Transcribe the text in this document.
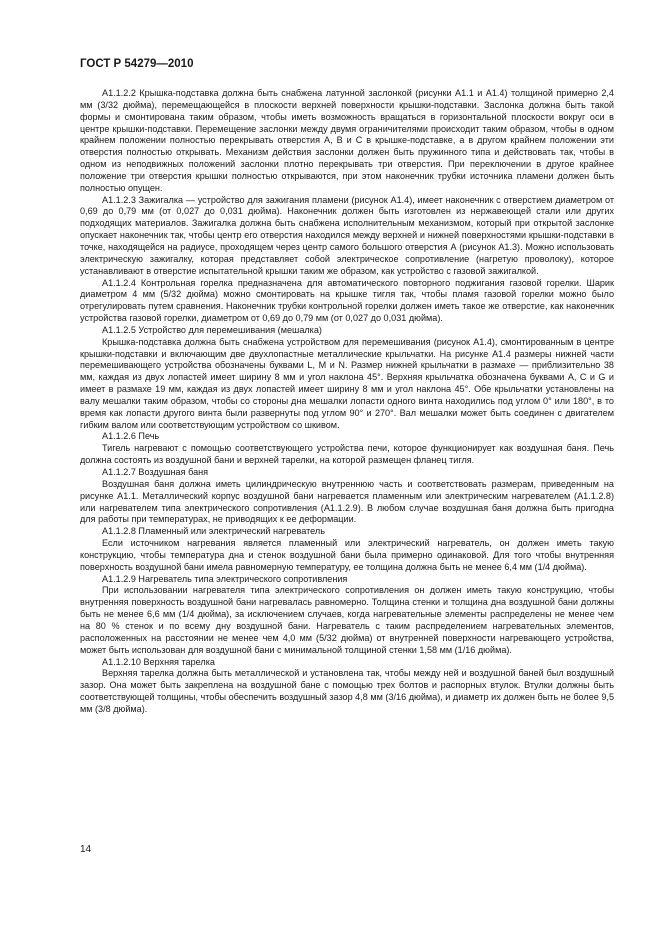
ГОСТ Р 54279—2010

A1.1.2.2 Крышка-подставка должна быть снабжена латунной заслонкой (рисунки А1.1 и А1.4) толщиной примерно 2,4 мм (3/32 дюйма), перемещающейся в плоскости верхней поверхности крышки-подставки. Заслонка должна быть такой формы и смонтирована таким образом, чтобы иметь возможность вращаться в горизонтальной плоскости вокруг оси в центре крышки-подставки. Перемещение заслонки между двумя ограничителями происходит таким образом, чтобы в одном крайнем положении полностью перекрывать отверстия А, В и С в крышке-подставке, а в другом крайнем положении эти отверстия полностью открывать. Механизм действия заслонки должен быть пружинного типа и действовать так, чтобы в одном из неподвижных положений заслонки плотно перекрывать три отверстия. При переключении в другое крайнее положение три отверстия крышки полностью открываются, при этом наконечник трубки источника пламени должен быть полностью опущен.

A1.1.2.3 Зажигалка — устройство для зажигания пламени (рисунок А1.4), имеет наконечник с отверстием диаметром от 0,69 до 0,79 мм (от 0,027 до 0,031 дюйма). Наконечник должен быть изготовлен из нержавеющей стали или других подходящих материалов. Зажигалка должна быть снабжена исполнительным механизмом, который при открытой заслонке опускает наконечник так, чтобы центр его отверстия находился между верхней и нижней поверхностями крышки-подставки в точке, находящейся на радиусе, проходящем через центр самого большого отверстия А (рисунок А1.3). Можно использовать электрическую зажигалку, которая представляет собой электрическое сопротивление (нагретую проволоку), которое устанавливают в отверстие испытательной крышки таким же образом, как устройство с газовой зажигалкой.

A1.1.2.4 Контрольная горелка предназначена для автоматического повторного поджигания газовой горелки. Шарик диаметром 4 мм (5/32 дюйма) можно смонтировать на крышке тигля так, чтобы пламя газовой горелки можно было отрегулировать путем сравнения. Наконечник трубки контрольной горелки должен иметь такое же отверстие, как наконечник устройства газовой горелки, диаметром от 0,69 до 0,79 мм (от 0,027 до 0,031 дюйма).

A1.1.2.5 Устройство для перемешивания (мешалка)

Крышка-подставка должна быть снабжена устройством для перемешивания (рисунок А1.4), смонтированным в центре крышки-подставки и включающим две двухлопастные металлические крыльчатки. На рисунке А1.4 размеры нижней части перемешивающего устройства обозначены буквами L, M и N. Размер нижней крыльчатки в размахе — приблизительно 38 мм, каждая из двух лопастей имеет ширину 8 мм и угол наклона 45°. Верхняя крыльчатка обозначена буквами А, С и G и имеет в размахе 19 мм, каждая из двух лопастей имеет ширину 8 мм и угол наклона 45°. Обе крыльчатки установлены на валу мешалки таким образом, чтобы со стороны дна мешалки лопасти одного винта находились под углом 0° или 180°, в то время как лопасти другого винта были развернуты под углом 90° и 270°. Вал мешалки может быть соединен с двигателем гибким валом или соответствующим устройством со шкивом.

A1.1.2.6 Печь

Тигель нагревают с помощью соответствующего устройства печи, которое функционирует как воздушная баня. Печь должна состоять из воздушной бани и верхней тарелки, на которой размещен фланец тигля.

A1.1.2.7 Воздушная баня

Воздушная баня должна иметь цилиндрическую внутреннюю часть и соответствовать размерам, приведенным на рисунке А1.1. Металлический корпус воздушной бани нагревается пламенным или электрическим нагревателем (А1.1.2.8) или нагревателем типа электрического сопротивления (А1.1.2.9). В любом случае воздушная баня должна быть пригодна для работы при температурах, не приводящих к ее деформации.

A1.1.2.8 Пламенный или электрический нагреватель

Если источником нагревания является пламенный или электрический нагреватель, он должен иметь такую конструкцию, чтобы температура дна и стенок воздушной бани была примерно одинаковой. Для того чтобы внутренняя поверхность воздушной бани имела равномерную температуру, ее толщина должна быть не менее 6,4 мм (1/4 дюйма).

A1.1.2.9 Нагреватель типа электрического сопротивления

При использовании нагревателя типа электрического сопротивления он должен иметь такую конструкцию, чтобы внутренняя поверхность воздушной бани нагревалась равномерно. Толщина стенки и толщина дна воздушной бани должны быть не менее 6,6 мм (1/4 дюйма), за исключением случаев, когда нагревательные элементы распределены не менее чем на 80 % стенок и по всему дну воздушной бани. Нагреватель с таким распределением нагревательных элементов, расположенных на расстоянии не менее чем 4,0 мм (5/32 дюйма) от внутренней поверхности нагревающего устройства, может быть использован для воздушной бани с минимальной толщиной стенки 1,58 мм (1/16 дюйма).

A1.1.2.10 Верхняя тарелка

Верхняя тарелка должна быть металлической и установлена так, чтобы между ней и воздушной баней был воздушный зазор. Она может быть закреплена на воздушной бане с помощью трех болтов и распорных втулок. Втулки должны быть соответствующей толщины, чтобы обеспечить воздушный зазор 4,8 мм (3/16 дюйма), и диаметр их должен быть не более 9,5 мм (3/8 дюйма).

14
